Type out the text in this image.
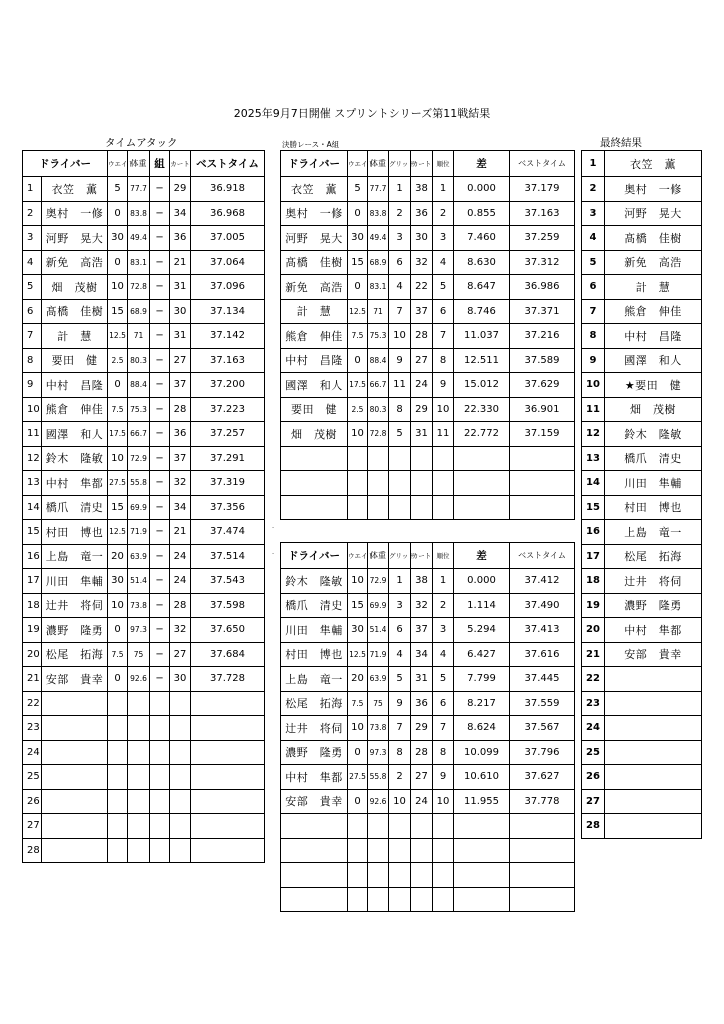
2025年9月7日開催 スプリントシリーズ第11戦結果
タイムアタック	決勝レース・A組	最終結果
-
-
ドライバー		ウエイト	体重	組	カート	ベストタイム
1	衣笠　薫	5	77.7	−	29	36.918
2	奥村　一修	0	83.8	−	34	36.968
3	河野　晃大	30	49.4	−	36	37.005
4	新免　高浩	0	83.1	−	21	37.064
5	畑　茂樹	10	72.8	−	31	37.096
6	髙橋　佳樹	15	68.9	−	30	37.134
7	計　慧	12.5	71	−	31	37.142
8	要田　健	2.5	80.3	−	27	37.163
9	中村　昌隆	0	88.4	−	37	37.200
10	熊倉　伸佳	7.5	75.3	−	28	37.223
11	國澤　和人	17.5	66.7	−	36	37.257
12	鈴木　隆敏	10	72.9	−	37	37.291
13	中村　隼都	27.5	55.8	−	32	37.319
14	橋爪　清史	15	69.9	−	34	37.356
15	村田　博也	12.5	71.9	−	21	37.474
16	上島　竜一	20	63.9	−	24	37.514
17	川田　隼輔	30	51.4	−	24	37.543
18	辻井　将伺	10	73.8	−	28	37.598
19	濃野　隆勇	0	97.3	−	32	37.650
20	松尾　拓海	7.5	75	−	27	37.684
21	安部　貴幸	0	92.6	−	30	37.728
22						
23						
24						
25						
26						
27						
28						
ドライバー	ウエイト	体重	グリッド	カート	順位	差	ベストタイム
衣笠　薫	5	77.7	1	38	1	0.000	37.179
奥村　一修	0	83.8	2	36	2	0.855	37.163
河野　晃大	30	49.4	3	30	3	7.460	37.259
髙橋　佳樹	15	68.9	6	32	4	8.630	37.312
新免　高浩	0	83.1	4	22	5	8.647	36.986
計　慧	12.5	71	7	37	6	8.746	37.371
熊倉　伸佳	7.5	75.3	10	28	7	11.037	37.216
中村　昌隆	0	88.4	9	27	8	12.511	37.589
國澤　和人	17.5	66.7	11	24	9	15.012	37.629
要田　健	2.5	80.3	8	29	10	22.330	36.901
畑　茂樹	10	72.8	5	31	11	22.772	37.159

ドライバー	ウエイト	体重	グリッド	カート	順位	差	ベストタイム
鈴木　隆敏	10	72.9	1	38	1	0.000	37.412
橋爪　清史	15	69.9	3	32	2	1.114	37.490
川田　隼輔	30	51.4	6	37	3	5.294	37.413
村田　博也	12.5	71.9	4	34	4	6.427	37.616
上島　竜一	20	63.9	5	31	5	7.799	37.445
松尾　拓海	7.5	75	9	36	6	8.217	37.559
辻井　将伺	10	73.8	7	29	7	8.624	37.567
濃野　隆勇	0	97.3	8	28	8	10.099	37.796
中村　隼都	27.5	55.8	2	27	9	10.610	37.627
安部　貴幸	0	92.6	10	24	10	11.955	37.778

1	衣笠　薫
2	奥村　一修
3	河野　晃大
4	髙橋　佳樹
5	新免　高浩
6	計　慧
7	熊倉　伸佳
8	中村　昌隆
9	國澤　和人
10	★要田　健
11	畑　茂樹
12	鈴木　隆敏
13	橋爪　清史
14	川田　隼輔
15	村田　博也
16	上島　竜一
17	松尾　拓海
18	辻井　将伺
19	濃野　隆勇
20	中村　隼都
21	安部　貴幸
22	
23	
24	
25	
26	
27	
28	
